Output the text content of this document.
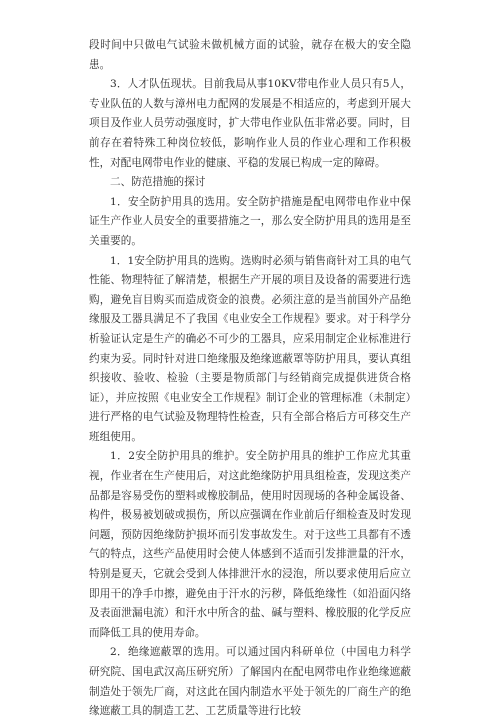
段时间中只做电气试验未做机械方面的试验，就存在极大的安全隐患。

3．人才队伍现状。目前我局从事10KV带电作业人员只有5人，专业队伍的人数与漳州电力配网的发展是不相适应的，考虑到开展大项目及作业人员劳动强度时，扩大带电作业队伍非常必要。同时，目前存在着特殊工种岗位较低，影响作业人员的作业心理和工作积极性，对配电网带电作业的健康、平稳的发展已构成一定的障碍。

二、防范措施的探讨

1．安全防护用具的选用。安全防护措施是配电网带电作业中保证生产作业人员安全的重要措施之一，那么安全防护用具的选用是至关重要的。

1．1安全防护用具的选购。选购时必须与销售商针对工具的电气性能、物理特征了解清楚，根据生产开展的项目及设备的需要进行选购，避免盲目购买而造成资金的浪费。必须注意的是当前国外产品绝缘服及工器具满足不了我国《电业安全工作规程》要求。对于科学分析验证认定是生产的确必不可少的工器具，应采用制定企业标准进行约束为妥。同时针对进口绝缘服及绝缘遮蔽罩等防护用具，要认真组织接收、验收、检验（主要是物质部门与经销商完成提供进货合格证），并应按照《电业安全工作规程》制订企业的管理标准（未制定）进行严格的电气试验及物理特性检查，只有全部合格后方可移交生产班组使用。

1．2安全防护用具的维护。安全防护用具的维护工作应尤其重视，作业者在生产使用后，对这此绝缘防护用具组检查，发现这类产品都是容易受伤的塑料或橡胶制品，使用时因现场的各种金属设备、构件，极易被划破或损伤，所以应强调在作业前后仔细检查及时发现问题，预防因绝缘防护损坏而引发事故发生。对于这些工具都有不透气的特点，这些产品使用时会使人体感到不适而引发排泄量的汗水，特别是夏天，它就会受到人体排泄汗水的浸泡，所以要求使用后应立即用干的净手巾擦，避免由于汗水的污秽，降低绝缘性（如沿面闪络及表面泄漏电流）和汗水中所含的盐、碱与塑料、橡胶服的化学反应而降低工具的使用寿命。

2．绝缘遮蔽罩的选用。可以通过国内科研单位（中国电力科学研究院、国电武汉高压研究所）了解国内在配电网带电作业绝缘遮蔽制造处于领先厂商，对这此在国内制造水平处于领先的厂商生产的绝缘遮蔽工具的制造工艺、工艺质量等进行比较
